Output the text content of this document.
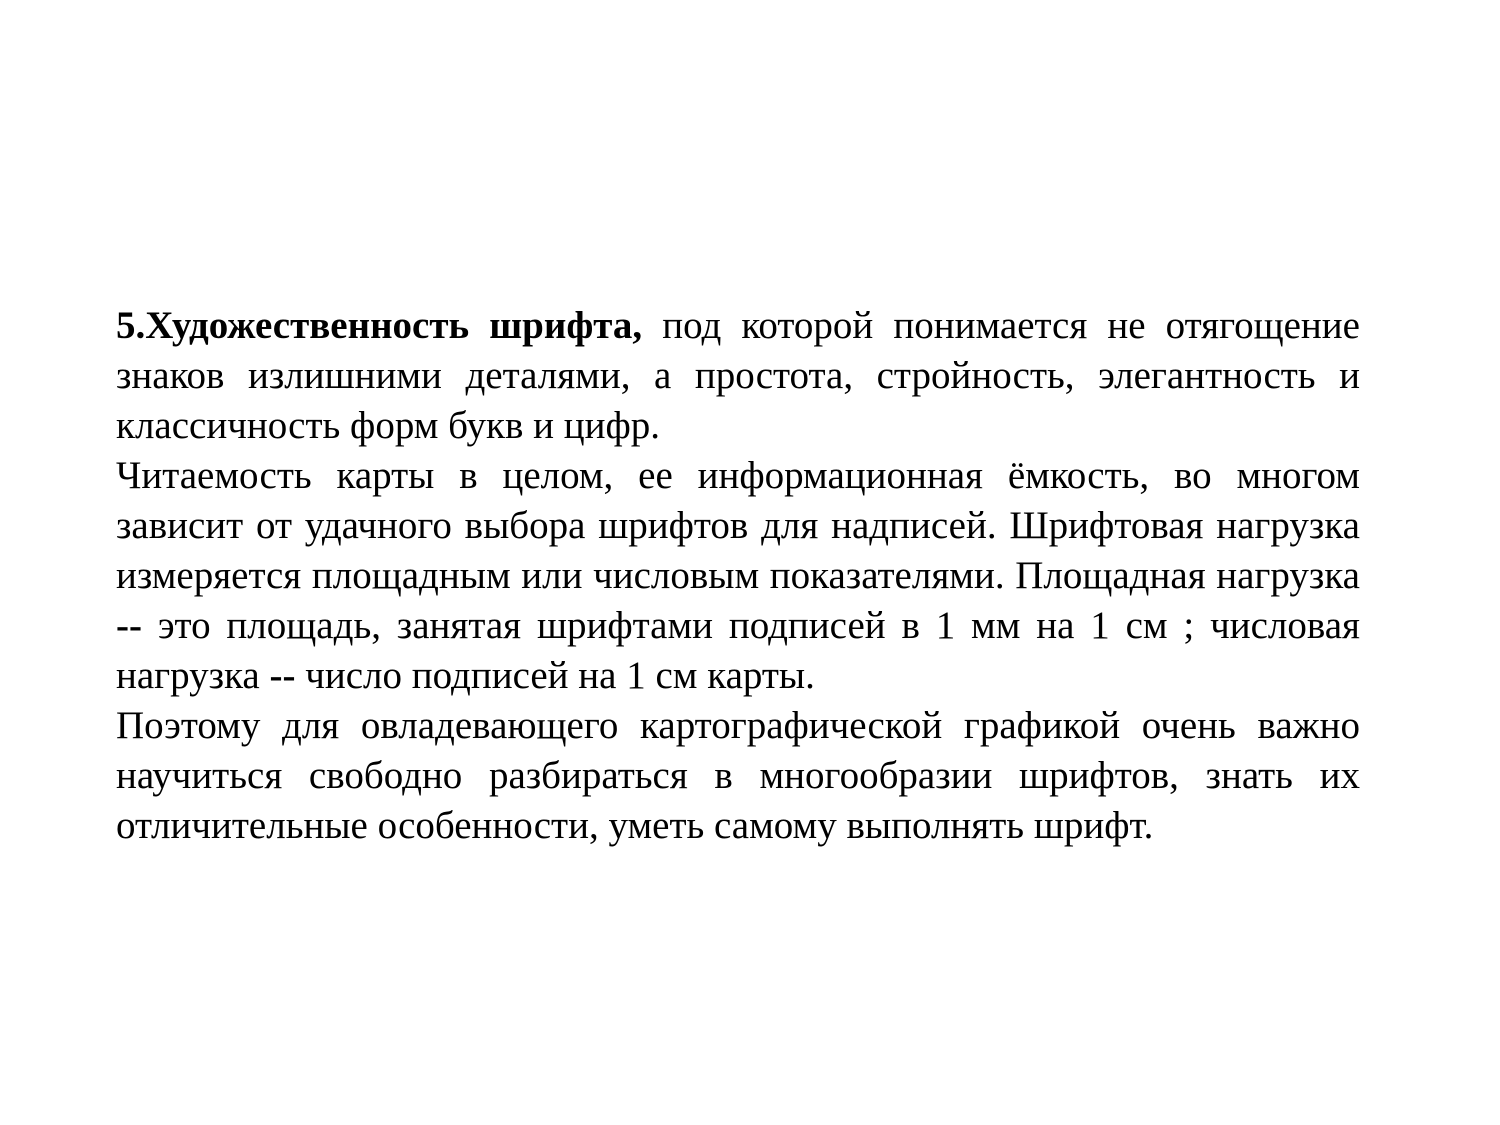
5.Художественность шрифта, под которой понимается не отягощение знаков излишними деталями, а простота, стройность, элегантность и классичность форм букв и цифр.

Читаемость карты в целом, ее информационная ёмкость, во многом зависит от удачного выбора шрифтов для надписей. Шрифтовая нагрузка измеряется площадным или числовым показателями. Площадная нагрузка -- это площадь, занятая шрифтами подписей в 1 мм на 1 см ; числовая нагрузка -- число подписей на 1 см карты.

Поэтому для овладевающего картографической графикой очень важно научиться свободно разбираться в многообразии шрифтов, знать их отличительные особенности, уметь самому выполнять шрифт.
